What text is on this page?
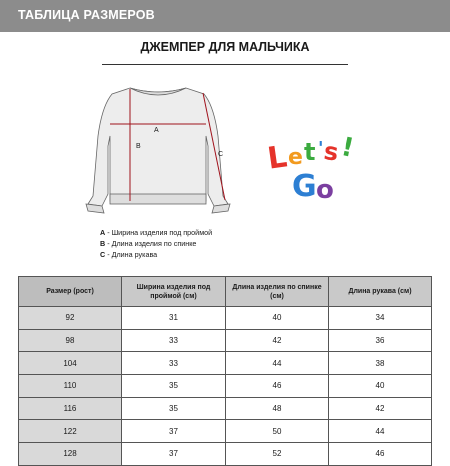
ТАБЛИЦА РАЗМЕРОВ
ДЖЕМПЕР ДЛЯ МАЛЬЧИКА
A
B
C L
e t '
s
!
G o
A - Ширина изделия под проймой
B - Длина изделия по спинке
C - Длина рукава
Размер (рост)	Ширина изделия под проймой (см)	Длина изделия по спинке (см)	Длина рукава (см)
92	31	40	34
98	33	42	36
104	33	44	38
110	35	46	40
116	35	48	42
122	37	50	44
128	37	52	46
